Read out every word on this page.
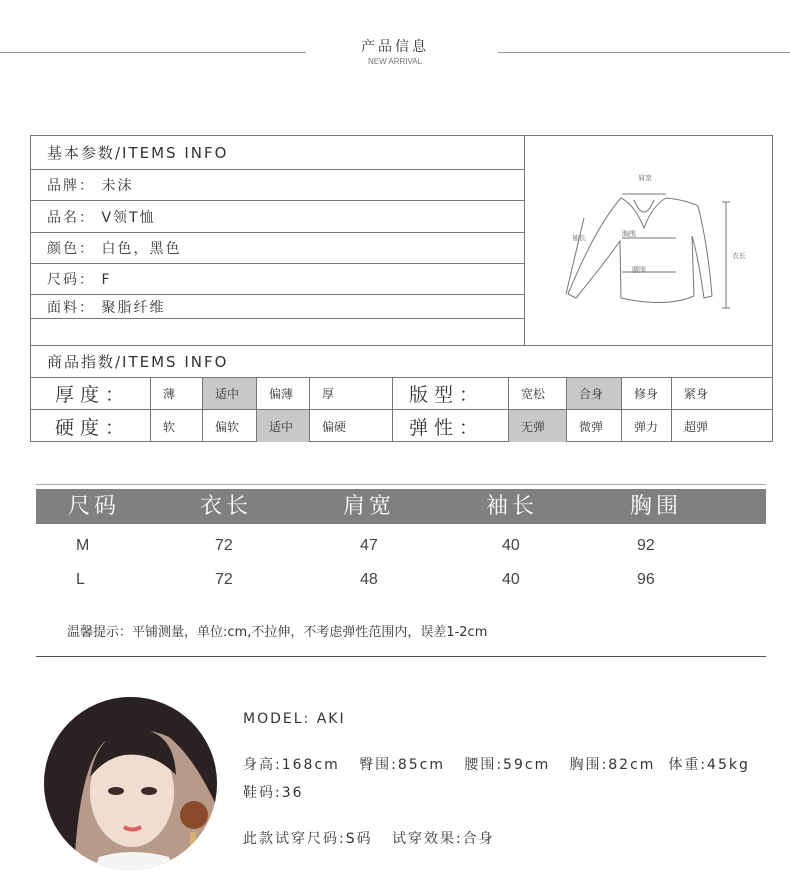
产品信息
NEW ARRIVAL
基本参数/ITEMS INFO
品牌： 未沫
品名： V领T恤
颜色： 白色，黑色
尺码： F
面料： 聚脂纤维
肩宽
袖长	胸围
腰围
衣长
商品指数/ITEMS INFO
厚度：	薄	适中	偏薄	厚	版型：	宽松	合身	修身	紧身
硬度：	软	偏软	适中	偏硬	弹性：	无弹	微弹	弹力	超弹
尺码	衣长	肩宽	袖长	胸围
M	72	47	40	92
L	72	48	40	96
温馨提示：平铺测量，单位:cm,不拉伸，不考虑弹性范围内，误差1-2cm
MODEL: AKI
身高:168cm   臀围:85cm   腰围:59cm   胸围:82cm  体重:45kg
鞋码:36
此款试穿尺码:S码   试穿效果:合身
